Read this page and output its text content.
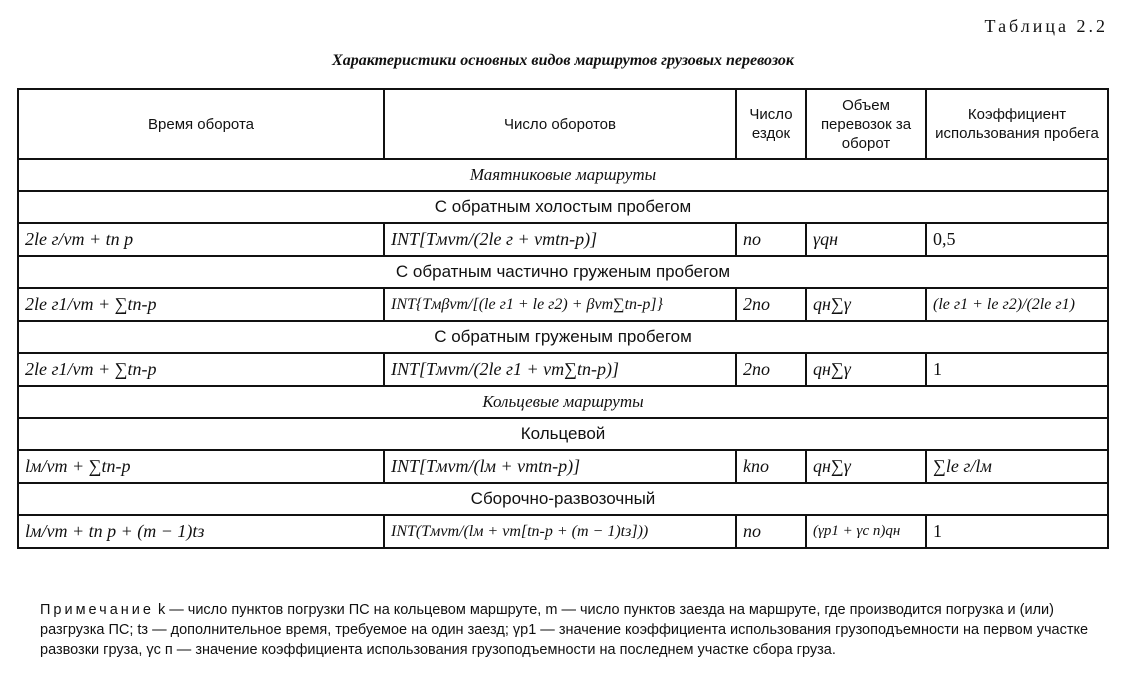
Таблица 2.2
Характеристики основных видов маршрутов грузовых перевозок
Время оборота	Число оборотов	Число ездок	Объем перевозок за оборот	Коэффициент использования пробега
Маятниковые маршруты				
С обратным холостым пробегом				
2lе г/vт + tп р	INT[Tмvт/(2lе г + vтtп-р)]	nо	γqн	0,5
С обратным частично груженым пробегом				
2lе г1/vт + ∑tп-р	INT{Tмβvт/[(lе г1 + lе г2) + βvт∑tп-р]}	2nо	qн∑γ	(lе г1 + lе г2)/(2lе г1)
С обратным груженым пробегом				
2lе г1/vт + ∑tп-р	INT[Tмvт/(2lе г1 + vт∑tп-р)]	2nо	qн∑γ	1
Кольцевые маршруты				
Кольцевой				
lм/vт + ∑tп-р	INT[Tмvт/(lм + vтtп-р)]	knо	qн∑γ	∑lе г/lм
Сборочно-развозочный				
lм/vт + tп р + (m − 1)tз	INT(Tмvт/(lм + vт[tп-р + (m − 1)tз]))	nо	(γр1 + γс п)qн	1
Примечание k — число пунктов погрузки ПС на кольцевом маршруте, m — число пунктов заезда на маршруте, где производится погрузка и (или) разгрузка ПС; tз — дополнительное время, требуемое на один заезд; γр1 — значение коэффициента использования грузоподъемности на первом участке развозки груза, γс п — значение коэффициента использования грузоподъемности на последнем участке сбора груза.
